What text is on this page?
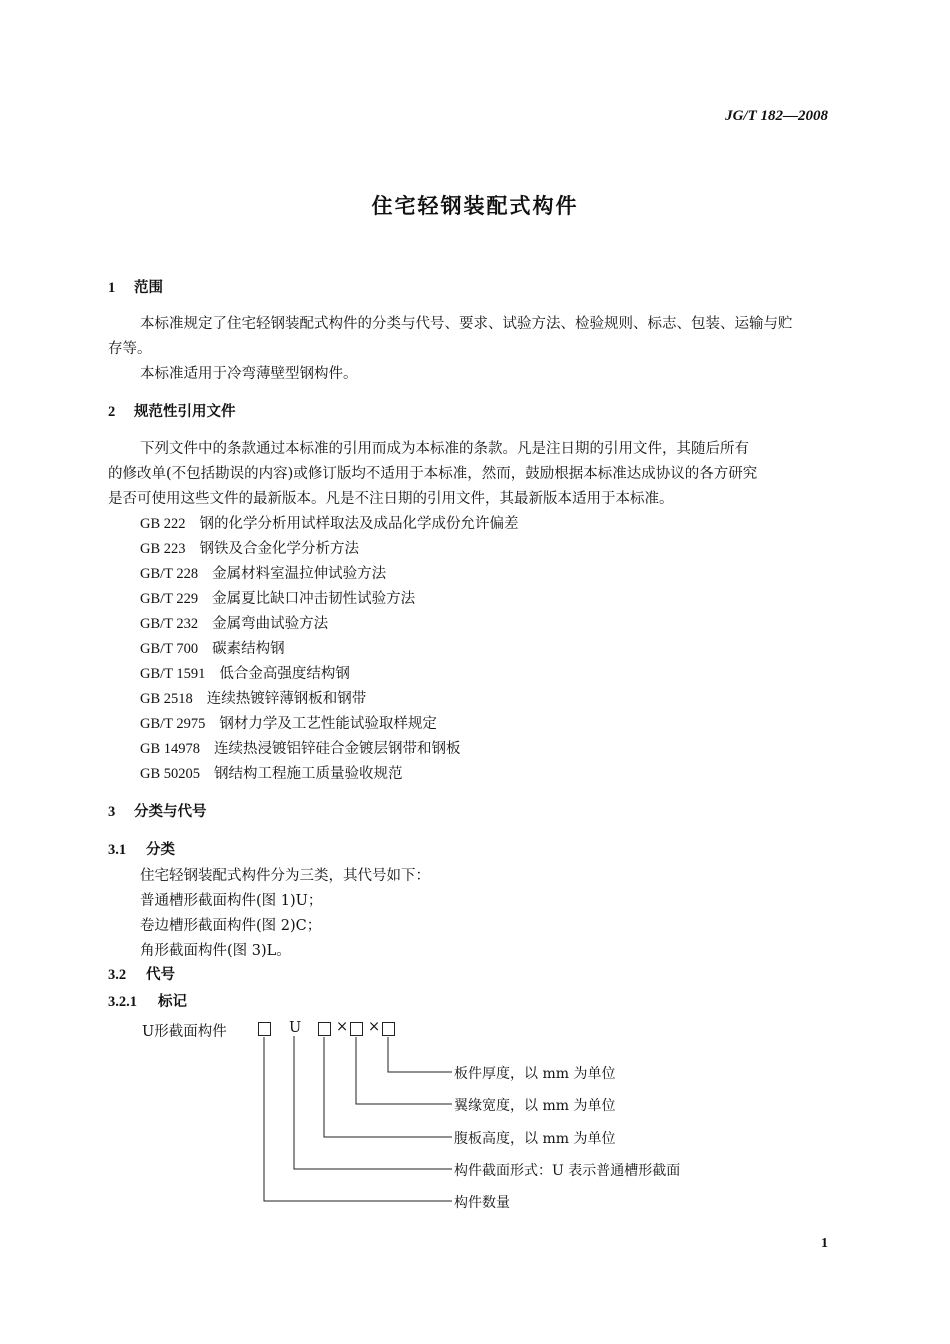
JG/T 182—2008
住宅轻钢装配式构件
1 范围
本标准规定了住宅轻钢装配式构件的分类与代号、要求、试验方法、检验规则、标志、包装、运输与贮
存等。
本标准适用于冷弯薄壁型钢构件。
2 规范性引用文件
下列文件中的条款通过本标准的引用而成为本标准的条款。凡是注日期的引用文件，其随后所有
的修改单(不包括勘误的内容)或修订版均不适用于本标准，然而，鼓励根据本标准达成协议的各方研究
是否可使用这些文件的最新版本。凡是不注日期的引用文件，其最新版本适用于本标准。
GB 222 钢的化学分析用试样取法及成品化学成份允许偏差
GB 223 钢铁及合金化学分析方法
GB/T 228 金属材料室温拉伸试验方法
GB/T 229 金属夏比缺口冲击韧性试验方法
GB/T 232 金属弯曲试验方法
GB/T 700 碳素结构钢
GB/T 1591 低合金高强度结构钢
GB 2518 连续热镀锌薄钢板和钢带
GB/T 2975 钢材力学及工艺性能试验取样规定
GB 14978 连续热浸镀铝锌硅合金镀层钢带和钢板
GB 50205 钢结构工程施工质量验收规范
3 分类与代号
3.1 分类
住宅轻钢装配式构件分为三类，其代号如下：
普通槽形截面构件(图 1)U；
卷边槽形截面构件(图 2)C；
角形截面构件(图 3)L。
3.2 代号
3.2.1 标记
U形截面构件	U × ×
板件厚度，以 mm 为单位
翼缘宽度，以 mm 为单位
腹板高度，以 mm 为单位
构件截面形式：U 表示普通槽形截面
构件数量
1
